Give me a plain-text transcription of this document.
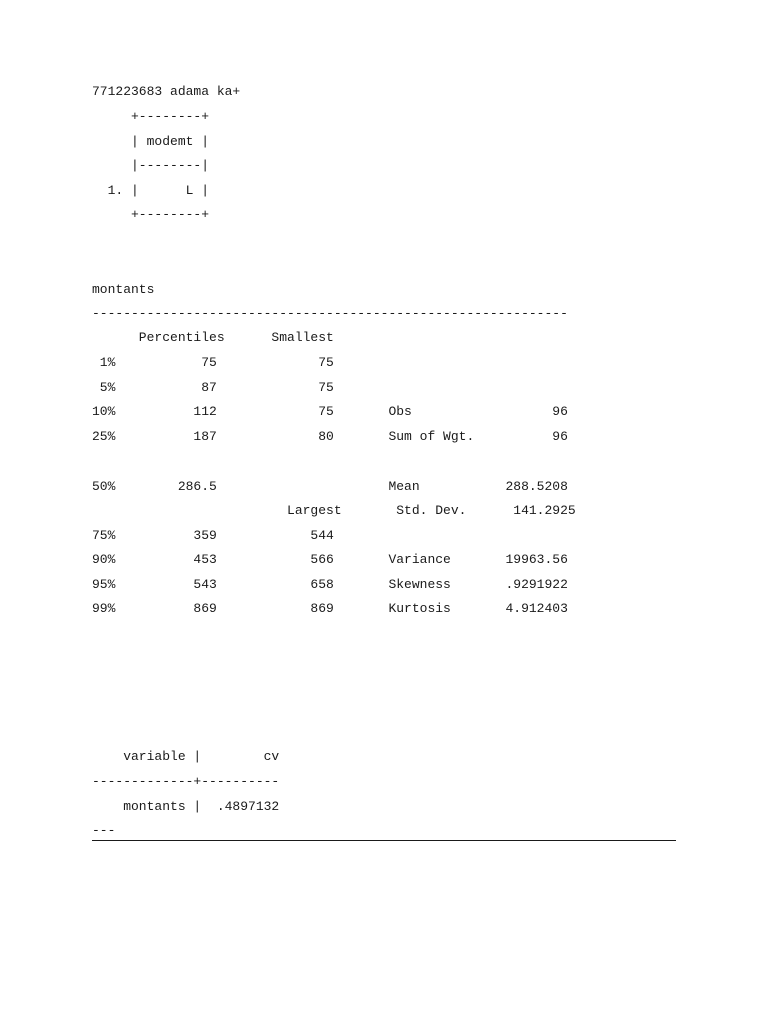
771223683 adama ka+
+--------+
| modemt |
|--------|
1. |      L |
+--------+
montants
-------------------------------------------------------------
Percentiles      Smallest
1%           75             75
5%           87             75
10%          112             75       Obs                  96
25%          187             80       Sum of Wgt.          96
50%        286.5                      Mean           288.5208
Largest       Std. Dev.      141.2925
75%          359            544
90%          453            566       Variance       19963.56
95%          543            658       Skewness       .9291922
99%          869            869       Kurtosis       4.912403
variable |        cv
-------------+----------
montants |  .4897132
---
